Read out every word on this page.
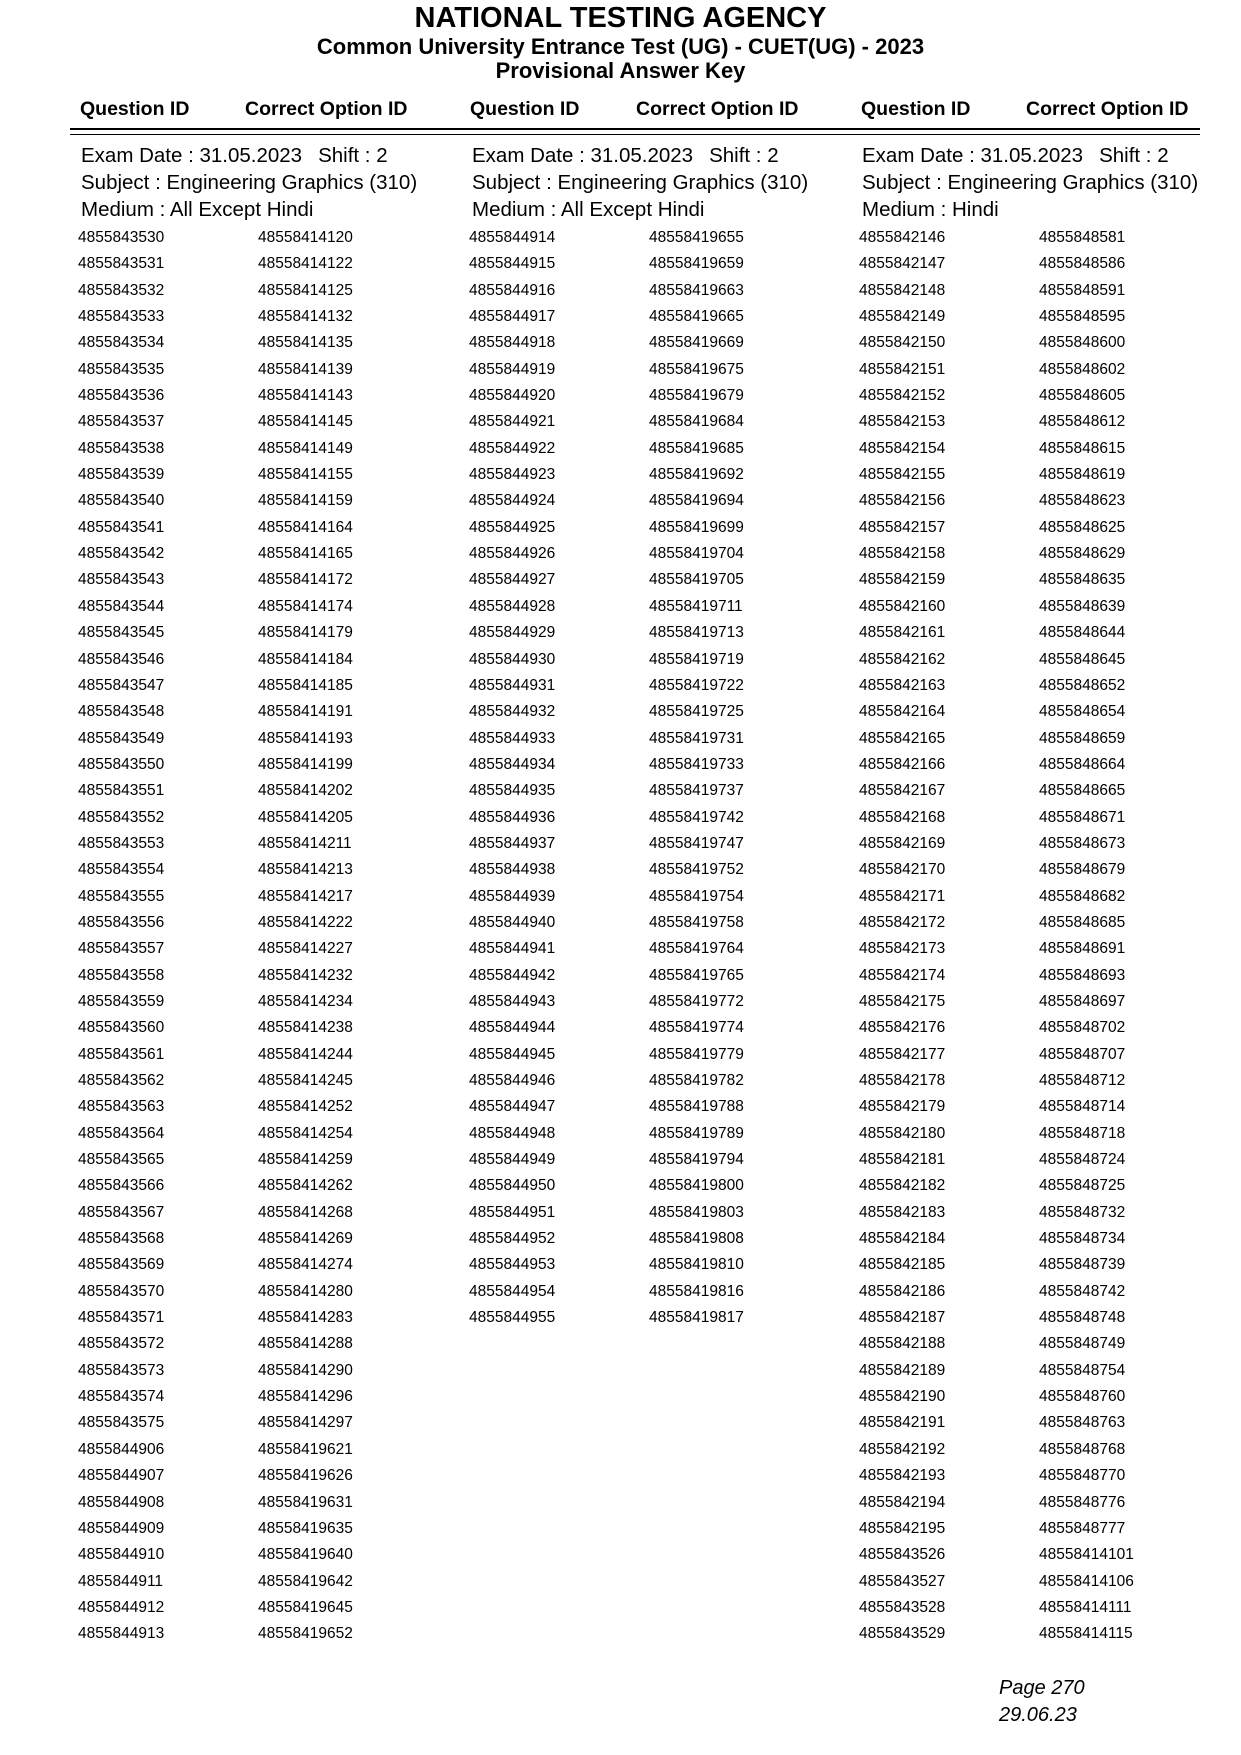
NATIONAL TESTING AGENCY
Common University Entrance Test (UG) - CUET(UG) - 2023
Provisional Answer Key
Question ID	Correct Option ID	Question ID	Correct Option ID	Question ID	Correct Option ID
Exam Date : 31.05.2023 Shift : 2
Subject : Engineering Graphics (310)
Medium : All Except Hindi
Exam Date : 31.05.2023 Shift : 2
Subject : Engineering Graphics (310)
Medium : All Except Hindi
Exam Date : 31.05.2023 Shift : 2
Subject : Engineering Graphics (310)
Medium : Hindi
4855843530	48558414120
4855843531	48558414122
4855843532	48558414125
4855843533	48558414132
4855843534	48558414135
4855843535	48558414139
4855843536	48558414143
4855843537	48558414145
4855843538	48558414149
4855843539	48558414155
4855843540	48558414159
4855843541	48558414164
4855843542	48558414165
4855843543	48558414172
4855843544	48558414174
4855843545	48558414179
4855843546	48558414184
4855843547	48558414185
4855843548	48558414191
4855843549	48558414193
4855843550	48558414199
4855843551	48558414202
4855843552	48558414205
4855843553	48558414211
4855843554	48558414213
4855843555	48558414217
4855843556	48558414222
4855843557	48558414227
4855843558	48558414232
4855843559	48558414234
4855843560	48558414238
4855843561	48558414244
4855843562	48558414245
4855843563	48558414252
4855843564	48558414254
4855843565	48558414259
4855843566	48558414262
4855843567	48558414268
4855843568	48558414269
4855843569	48558414274
4855843570	48558414280
4855843571	48558414283
4855843572	48558414288
4855843573	48558414290
4855843574	48558414296
4855843575	48558414297
4855844906	48558419621
4855844907	48558419626
4855844908	48558419631
4855844909	48558419635
4855844910	48558419640
4855844911	48558419642
4855844912	48558419645
4855844913	48558419652
4855844914	48558419655
4855844915	48558419659
4855844916	48558419663
4855844917	48558419665
4855844918	48558419669
4855844919	48558419675
4855844920	48558419679
4855844921	48558419684
4855844922	48558419685
4855844923	48558419692
4855844924	48558419694
4855844925	48558419699
4855844926	48558419704
4855844927	48558419705
4855844928	48558419711
4855844929	48558419713
4855844930	48558419719
4855844931	48558419722
4855844932	48558419725
4855844933	48558419731
4855844934	48558419733
4855844935	48558419737
4855844936	48558419742
4855844937	48558419747
4855844938	48558419752
4855844939	48558419754
4855844940	48558419758
4855844941	48558419764
4855844942	48558419765
4855844943	48558419772
4855844944	48558419774
4855844945	48558419779
4855844946	48558419782
4855844947	48558419788
4855844948	48558419789
4855844949	48558419794
4855844950	48558419800
4855844951	48558419803
4855844952	48558419808
4855844953	48558419810
4855844954	48558419816
4855844955	48558419817
4855842146	4855848581
4855842147	4855848586
4855842148	4855848591
4855842149	4855848595
4855842150	4855848600
4855842151	4855848602
4855842152	4855848605
4855842153	4855848612
4855842154	4855848615
4855842155	4855848619
4855842156	4855848623
4855842157	4855848625
4855842158	4855848629
4855842159	4855848635
4855842160	4855848639
4855842161	4855848644
4855842162	4855848645
4855842163	4855848652
4855842164	4855848654
4855842165	4855848659
4855842166	4855848664
4855842167	4855848665
4855842168	4855848671
4855842169	4855848673
4855842170	4855848679
4855842171	4855848682
4855842172	4855848685
4855842173	4855848691
4855842174	4855848693
4855842175	4855848697
4855842176	4855848702
4855842177	4855848707
4855842178	4855848712
4855842179	4855848714
4855842180	4855848718
4855842181	4855848724
4855842182	4855848725
4855842183	4855848732
4855842184	4855848734
4855842185	4855848739
4855842186	4855848742
4855842187	4855848748
4855842188	4855848749
4855842189	4855848754
4855842190	4855848760
4855842191	4855848763
4855842192	4855848768
4855842193	4855848770
4855842194	4855848776
4855842195	4855848777
4855843526	48558414101
4855843527	48558414106
4855843528	48558414111
4855843529	48558414115
Page 270
29.06.23
